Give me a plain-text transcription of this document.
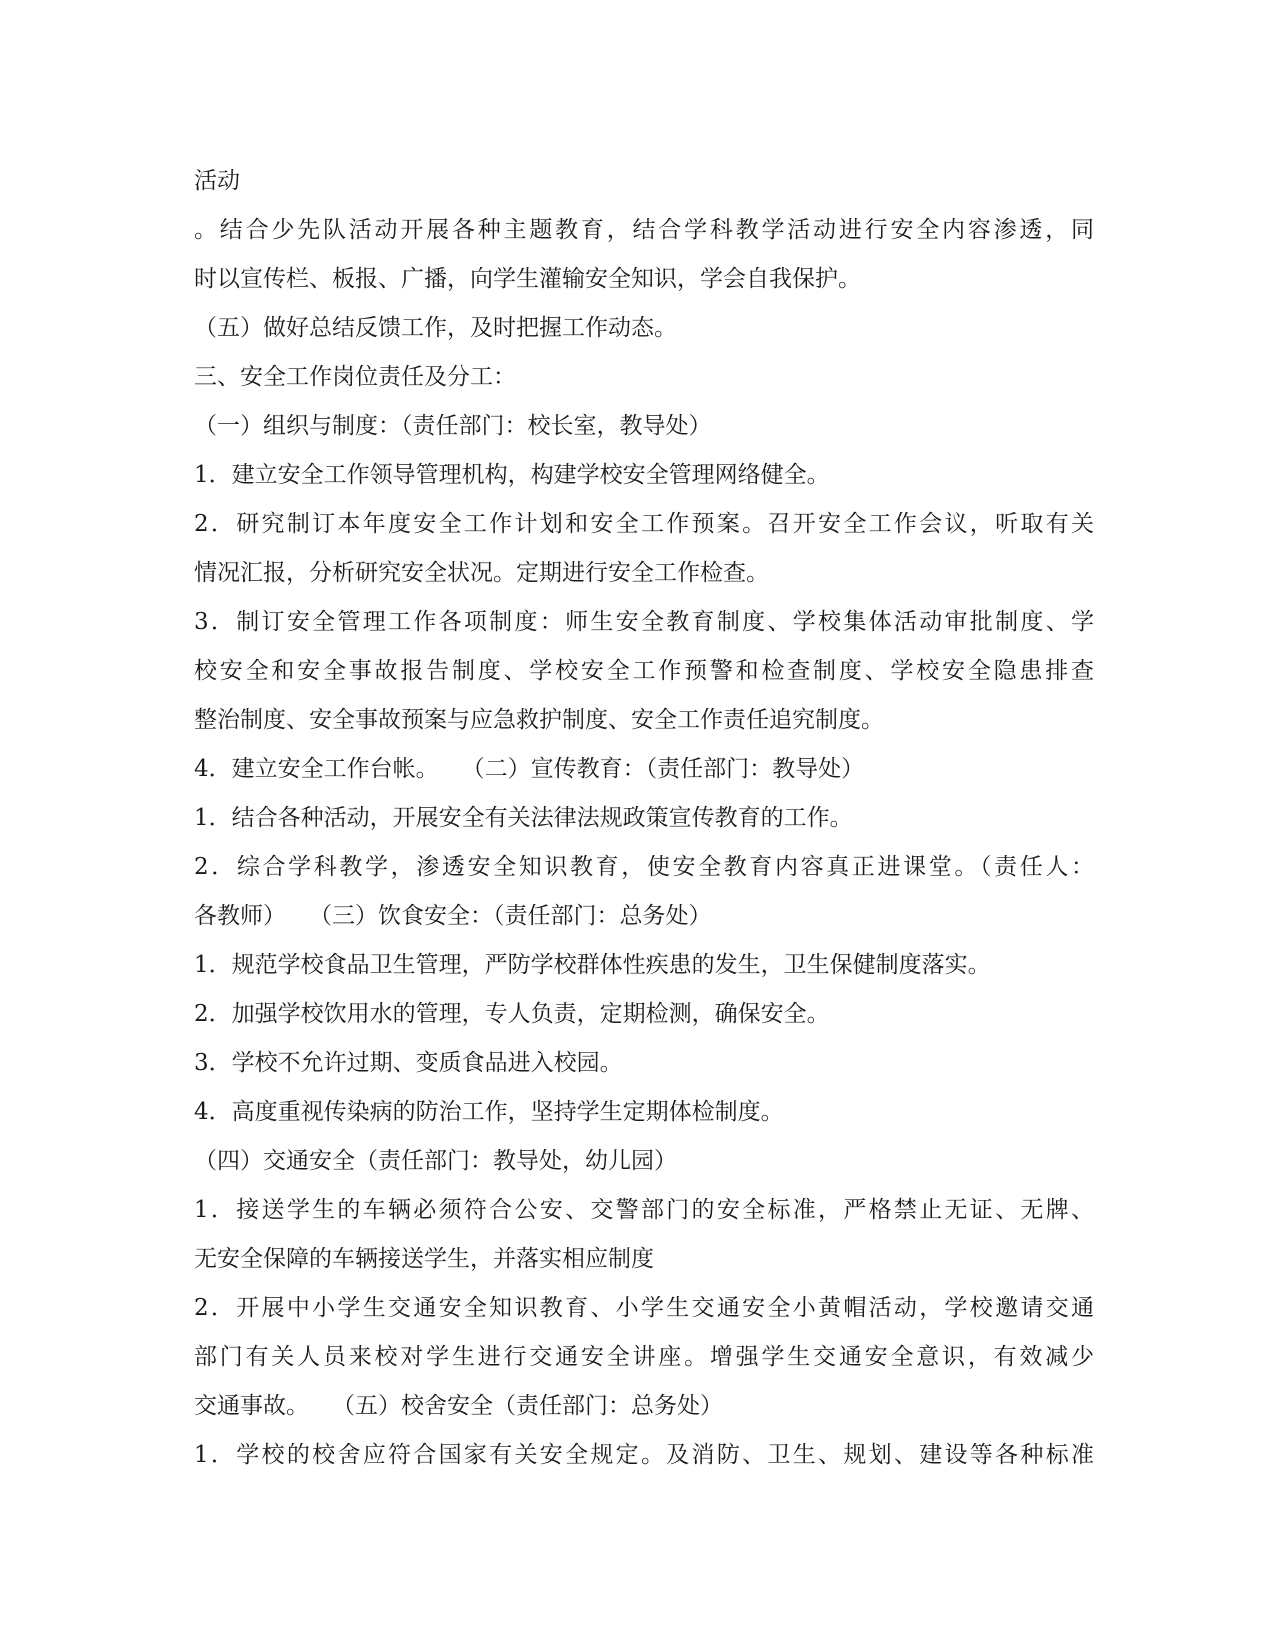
活动
。结合少先队活动开展各种主题教育，结合学科教学活动进行安全内容渗透，同
时以宣传栏、板报、广播，向学生灌输安全知识，学会自我保护。
（五）做好总结反馈工作，及时把握工作动态。
三、安全工作岗位责任及分工：
（一）组织与制度：（责任部门：校长室，教导处）
1．建立安全工作领导管理机构，构建学校安全管理网络健全。
2．研究制订本年度安全工作计划和安全工作预案。召开安全工作会议，听取有关
情况汇报，分析研究安全状况。定期进行安全工作检查。
3．制订安全管理工作各项制度：师生安全教育制度、学校集体活动审批制度、学
校安全和安全事故报告制度、学校安全工作预警和检查制度、学校安全隐患排查
整治制度、安全事故预案与应急救护制度、安全工作责任追究制度。
4．建立安全工作台帐。　　（二）宣传教育：（责任部门：教导处）
1．结合各种活动，开展安全有关法律法规政策宣传教育的工作。
2．综合学科教学，渗透安全知识教育，使安全教育内容真正进课堂。（责任人：
各教师）　　（三）饮食安全：（责任部门：总务处）
1．规范学校食品卫生管理，严防学校群体性疾患的发生，卫生保健制度落实。
2．加强学校饮用水的管理，专人负责，定期检测，确保安全。
3．学校不允许过期、变质食品进入校园。
4．高度重视传染病的防治工作，坚持学生定期体检制度。
（四）交通安全（责任部门：教导处，幼儿园）
1．接送学生的车辆必须符合公安、交警部门的安全标准，严格禁止无证、无牌、
无安全保障的车辆接送学生，并落实相应制度
2．开展中小学生交通安全知识教育、小学生交通安全小黄帽活动，学校邀请交通
部门有关人员来校对学生进行交通安全讲座。增强学生交通安全意识，有效减少
交通事故。　　（五）校舍安全（责任部门：总务处）
1．学校的校舍应符合国家有关安全规定。及消防、卫生、规划、建设等各种标准
